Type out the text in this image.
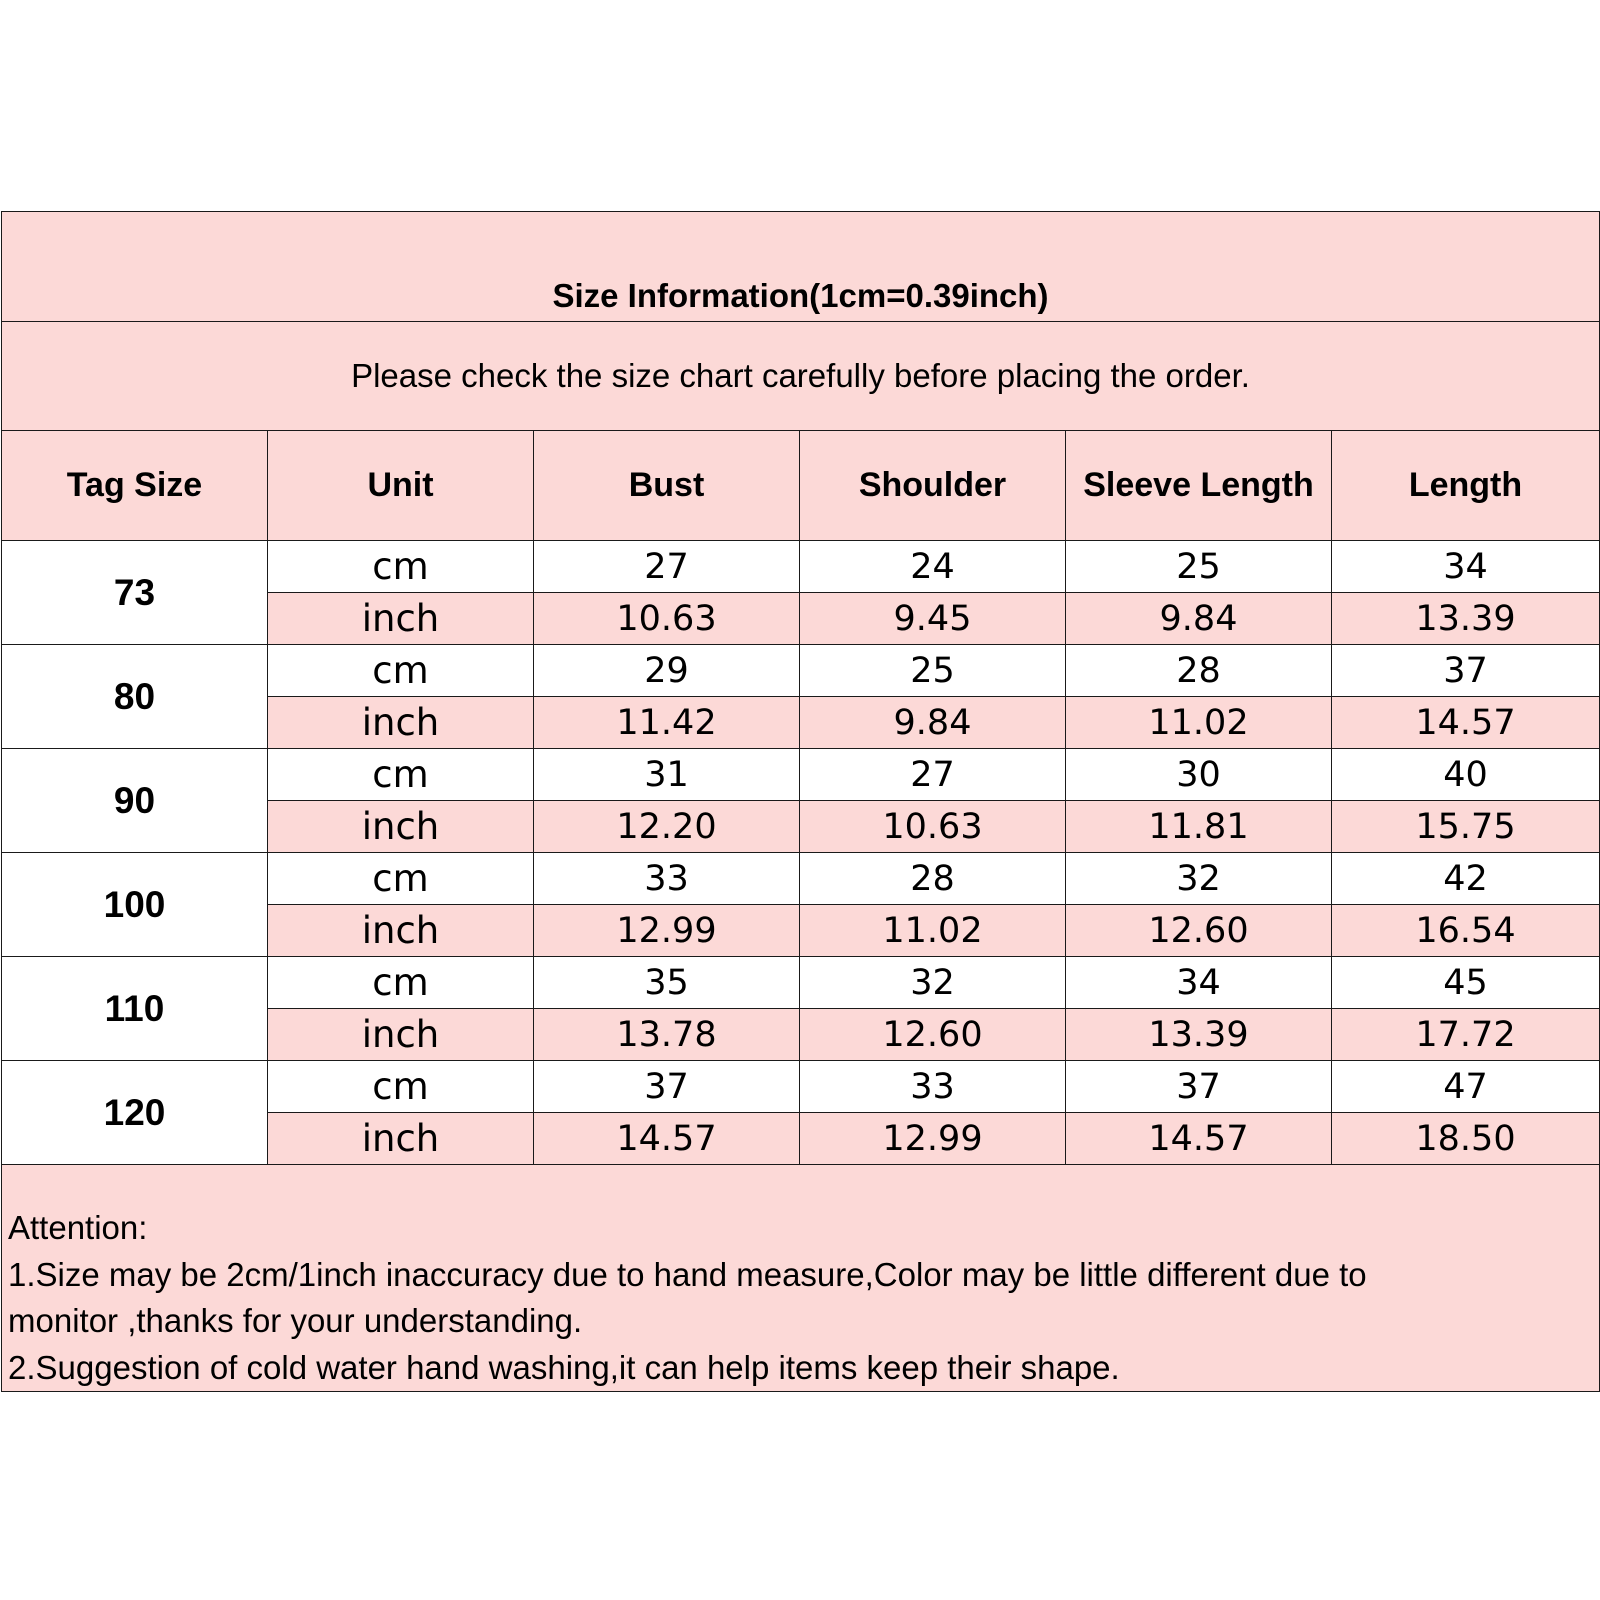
Size Information(1cm=0.39inch)					
Please check the size chart carefully before placing the order.					
Tag Size	Unit	Bust	Shoulder	Sleeve Length	Length
73	cm	27	24	25	34
	inch	10.63	9.45	9.84	13.39
80	cm	29	25	28	37
	inch	11.42	9.84	11.02	14.57
90	cm	31	27	30	40
	inch	12.20	10.63	11.81	15.75
100	cm	33	28	32	42
	inch	12.99	11.02	12.60	16.54
110	cm	35	32	34	45
	inch	13.78	12.60	13.39	17.72
120	cm	37	33	37	47
	inch	14.57	12.99	14.57	18.50

Attention:
1.Size may be 2cm/1inch inaccuracy due to hand measure,Color may be little different due to
monitor ,thanks for your understanding.
2.Suggestion of cold water hand washing,it can help items keep their shape.					
